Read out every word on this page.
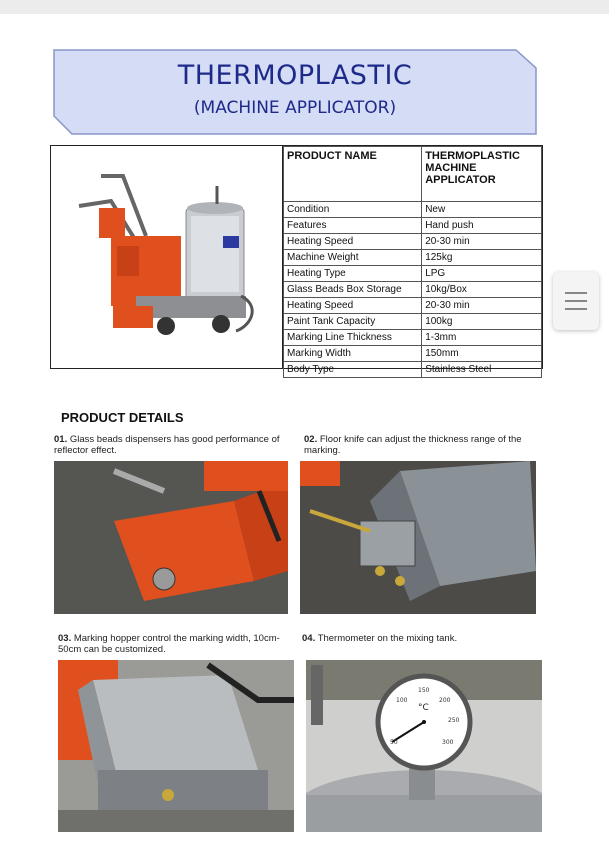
THERMOPLASTIC
(MACHINE APPLICATOR)
PRODUCT NAME	THERMOPLASTIC MACHINE APPLICATOR
Condition	New
Features	Hand push
Heating Speed	20-30 min
Machine Weight	125kg
Heating Type	LPG
Glass Beads Box Storage	10kg/Box
Heating Speed	20-30 min
Paint Tank Capacity	100kg
Marking Line Thickness	1-3mm
Marking Width	150mm
Body Type	Stainless Steel
PRODUCT DETAILS
01. Glass beads dispensers has good performance of reflector effect.
02. Floor knife can adjust the thickness range of the marking.
03. Marking hopper control the marking width, 10cm-50cm can be customized.
04. Thermometer on the mixing tank.
°C
50
100
150
200
250
300
